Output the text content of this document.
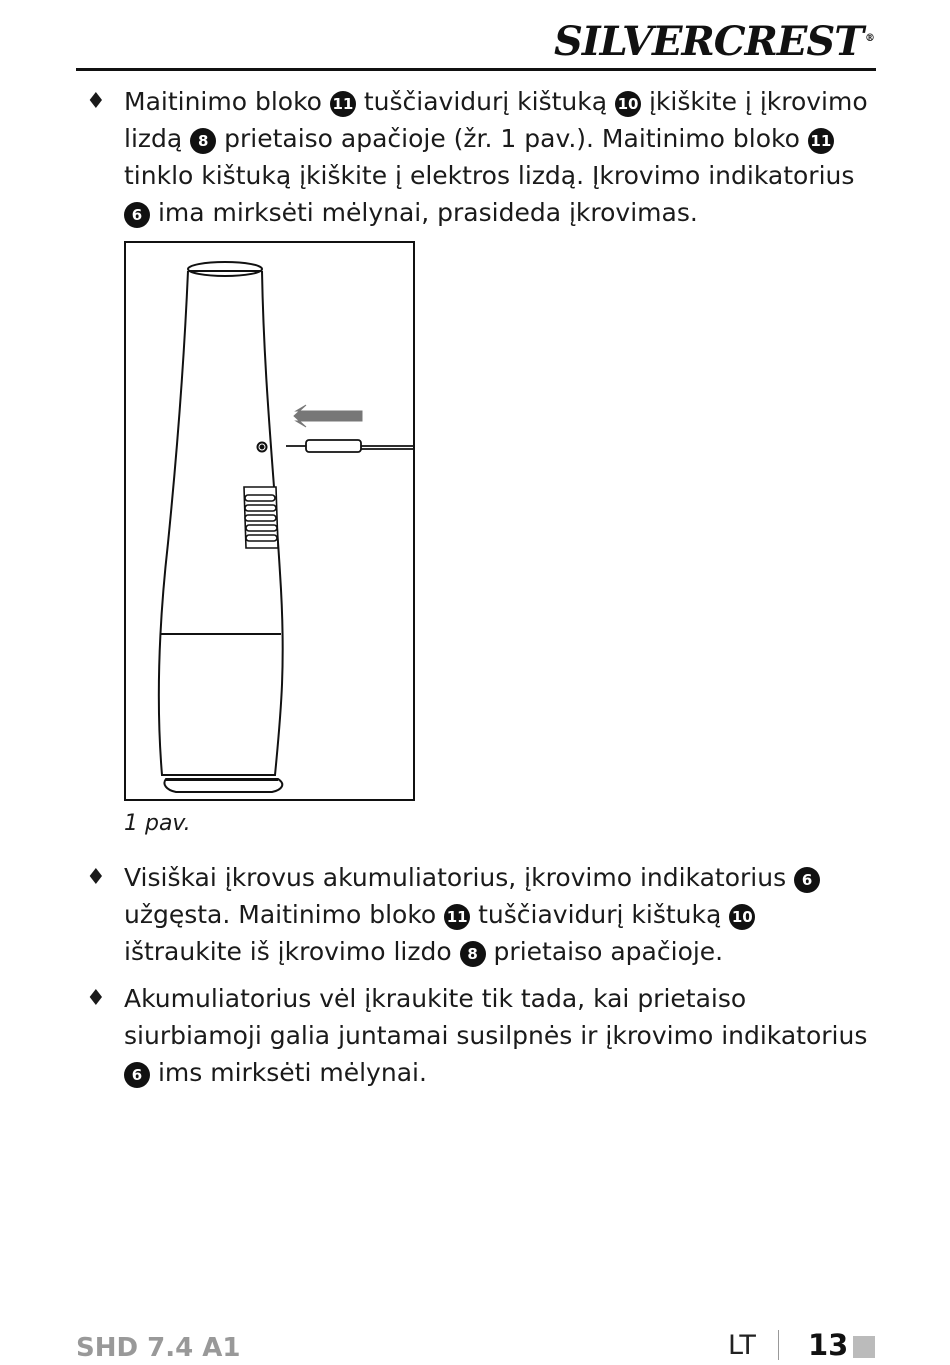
SILVERCREST ®
♦ Maitinimo bloko 11 tuščiavidurį kištuką 10 įkiškite į įkrovimo lizdą 8 prietaiso apačioje (žr. 1 pav.). Maitinimo bloko 11 tinklo kištuką įkiškite į elektros lizdą. Įkrovimo indikatorius 6 ima mirksėti mėlynai, prasideda įkrovimas.
1 pav.
♦ Visiškai įkrovus akumuliatorius, įkrovimo indikatorius 6 užgęsta. Maitinimo bloko 11 tuščiavidurį kištuką 10 ištraukite iš įkrovimo lizdo 8 prietaiso apačioje.
♦ Akumuliatorius vėl įkraukite tik tada, kai prietaiso siurbiamoji galia juntamai susilpnės ir įkrovimo indikatorius 6 ims mirksėti mėlynai.
SHD 7.4 A1	LT 13
